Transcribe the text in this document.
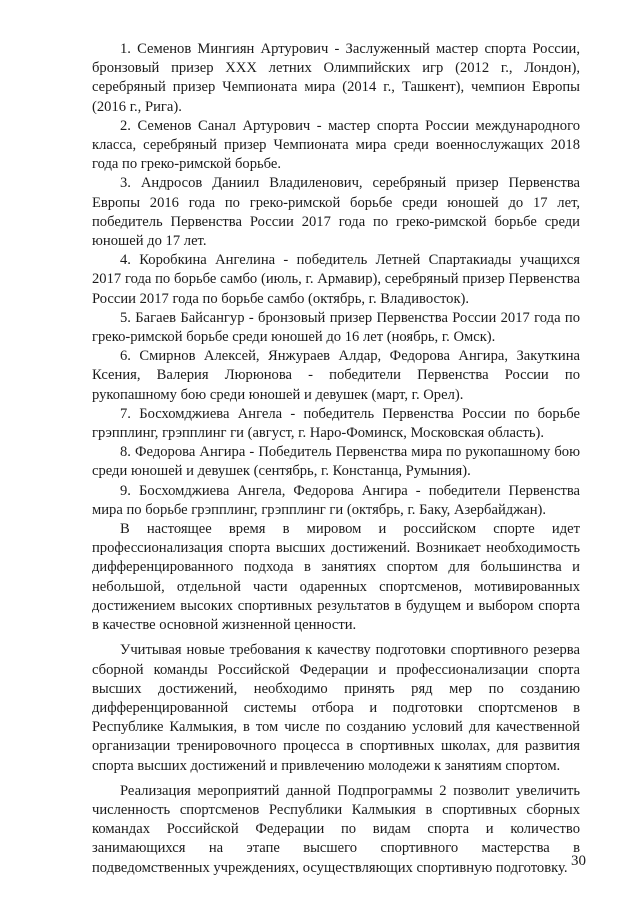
1. Семенов Мингиян Артурович - Заслуженный мастер спорта России, бронзовый призер XXX летних Олимпийских игр (2012 г., Лондон), серебряный призер Чемпионата мира (2014 г., Ташкент), чемпион Европы (2016 г., Рига).

2. Семенов Санал Артурович - мастер спорта России международного класса, серебряный призер Чемпионата мира среди военнослужащих 2018 года по греко-римской борьбе.

3. Андросов Даниил Владиленович, серебряный призер Первенства Европы 2016 года по греко-римской борьбе среди юношей до 17 лет, победитель Первенства России 2017 года по греко-римской борьбе среди юношей до 17 лет.

4. Коробкина Ангелина - победитель Летней Спартакиады учащихся 2017 года по борьбе самбо (июль, г. Армавир), серебряный призер Первенства России 2017 года по борьбе самбо (октябрь, г. Владивосток).

5. Багаев Байсангур - бронзовый призер Первенства России 2017 года по греко-римской борьбе среди юношей до 16 лет (ноябрь, г. Омск).

6. Смирнов Алексей, Янжураев Алдар, Федорова Ангира, Закуткина Ксения, Валерия Люрюнова - победители Первенства России по рукопашному бою среди юношей и девушек (март, г. Орел).

7. Босхомджиева Ангела - победитель Первенства России по борьбе грэпплинг, грэпплинг ги (август, г. Наро-Фоминск, Московская область).

8. Федорова Ангира - Победитель Первенства мира по рукопашному бою среди юношей и девушек (сентябрь, г. Констанца, Румыния).

9. Босхомджиева Ангела, Федорова Ангира - победители Первенства мира по борьбе грэпплинг, грэпплинг ги (октябрь, г. Баку, Азербайджан).

В настоящее время в мировом и российском спорте идет профессионализация спорта высших достижений. Возникает необходимость дифференцированного подхода в занятиях спортом для большинства и небольшой, отдельной части одаренных спортсменов, мотивированных достижением высоких спортивных результатов в будущем и выбором спорта в качестве основной жизненной ценности.

Учитывая новые требования к качеству подготовки спортивного резерва сборной команды Российской Федерации и профессионализации спорта высших достижений, необходимо принять ряд мер по созданию дифференцированной системы отбора и подготовки спортсменов в Республике Калмыкия, в том числе по созданию условий для качественной организации тренировочного процесса в спортивных школах, для развития спорта высших достижений и привлечению молодежи к занятиям спортом.

Реализация мероприятий данной Подпрограммы 2 позволит увеличить численность спортсменов Республики Калмыкия в спортивных сборных командах Российской Федерации по видам спорта и количество занимающихся на этапе высшего спортивного мастерства в подведомственных учреждениях, осуществляющих спортивную подготовку. 30
